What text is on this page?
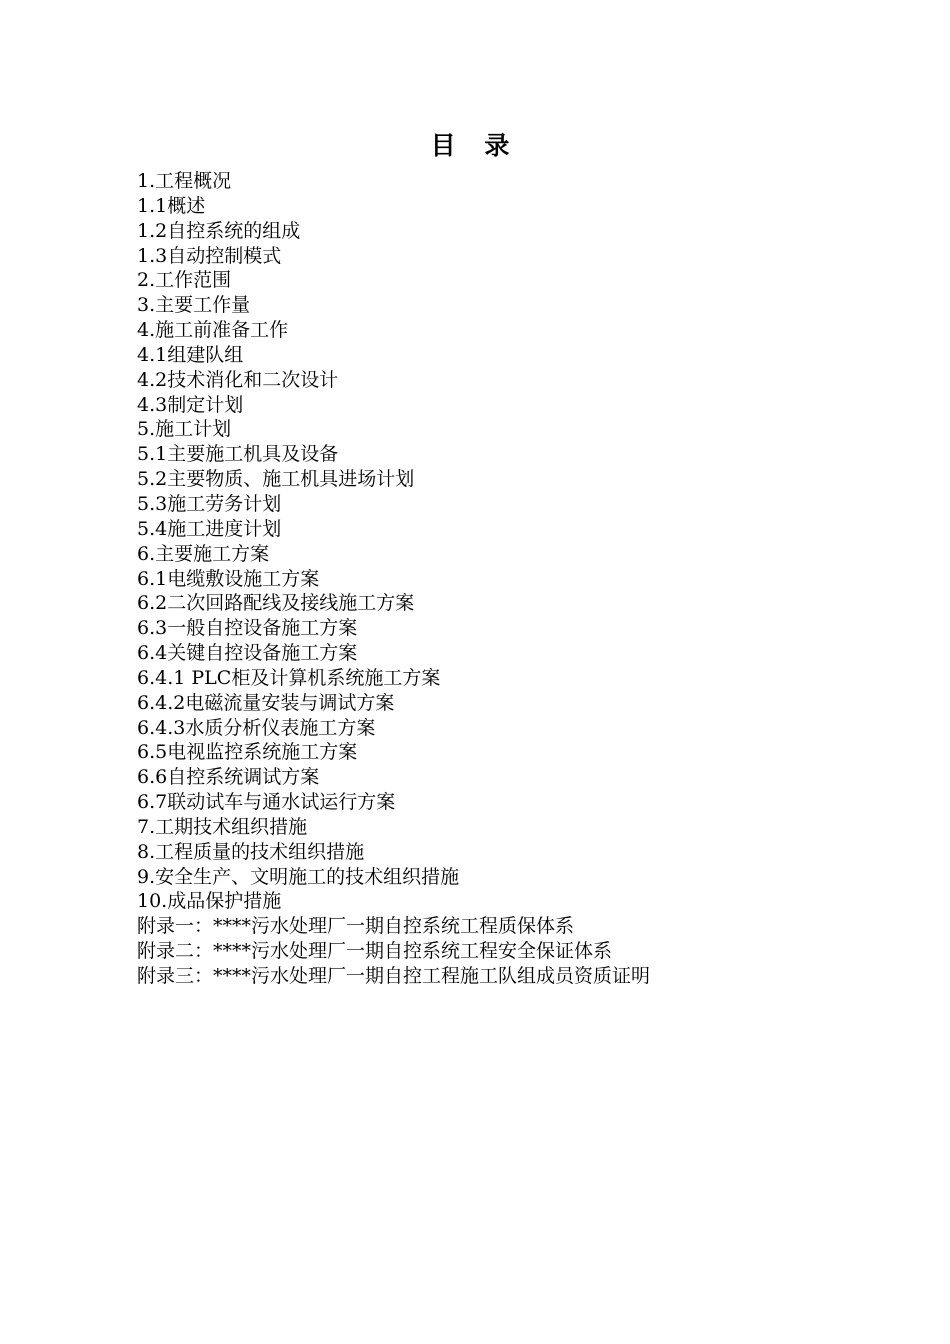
目 录
1.工程概况
1.1概述
1.2自控系统的组成
1.3自动控制模式
2.工作范围
3.主要工作量
4.施工前准备工作
4.1组建队组
4.2技术消化和二次设计
4.3制定计划
5.施工计划
5.1主要施工机具及设备
5.2主要物质、施工机具进场计划
5.3施工劳务计划
5.4施工进度计划
6.主要施工方案
6.1电缆敷设施工方案
6.2二次回路配线及接线施工方案
6.3一般自控设备施工方案
6.4关键自控设备施工方案
6.4.1 PLC柜及计算机系统施工方案
6.4.2电磁流量安装与调试方案
6.4.3水质分析仪表施工方案
6.5电视监控系统施工方案
6.6自控系统调试方案
6.7联动试车与通水试运行方案
7.工期技术组织措施
8.工程质量的技术组织措施
9.安全生产、文明施工的技术组织措施
10.成品保护措施
附录一：****污水处理厂一期自控系统工程质保体系
附录二：****污水处理厂一期自控系统工程安全保证体系
附录三：****污水处理厂一期自控工程施工队组成员资质证明
